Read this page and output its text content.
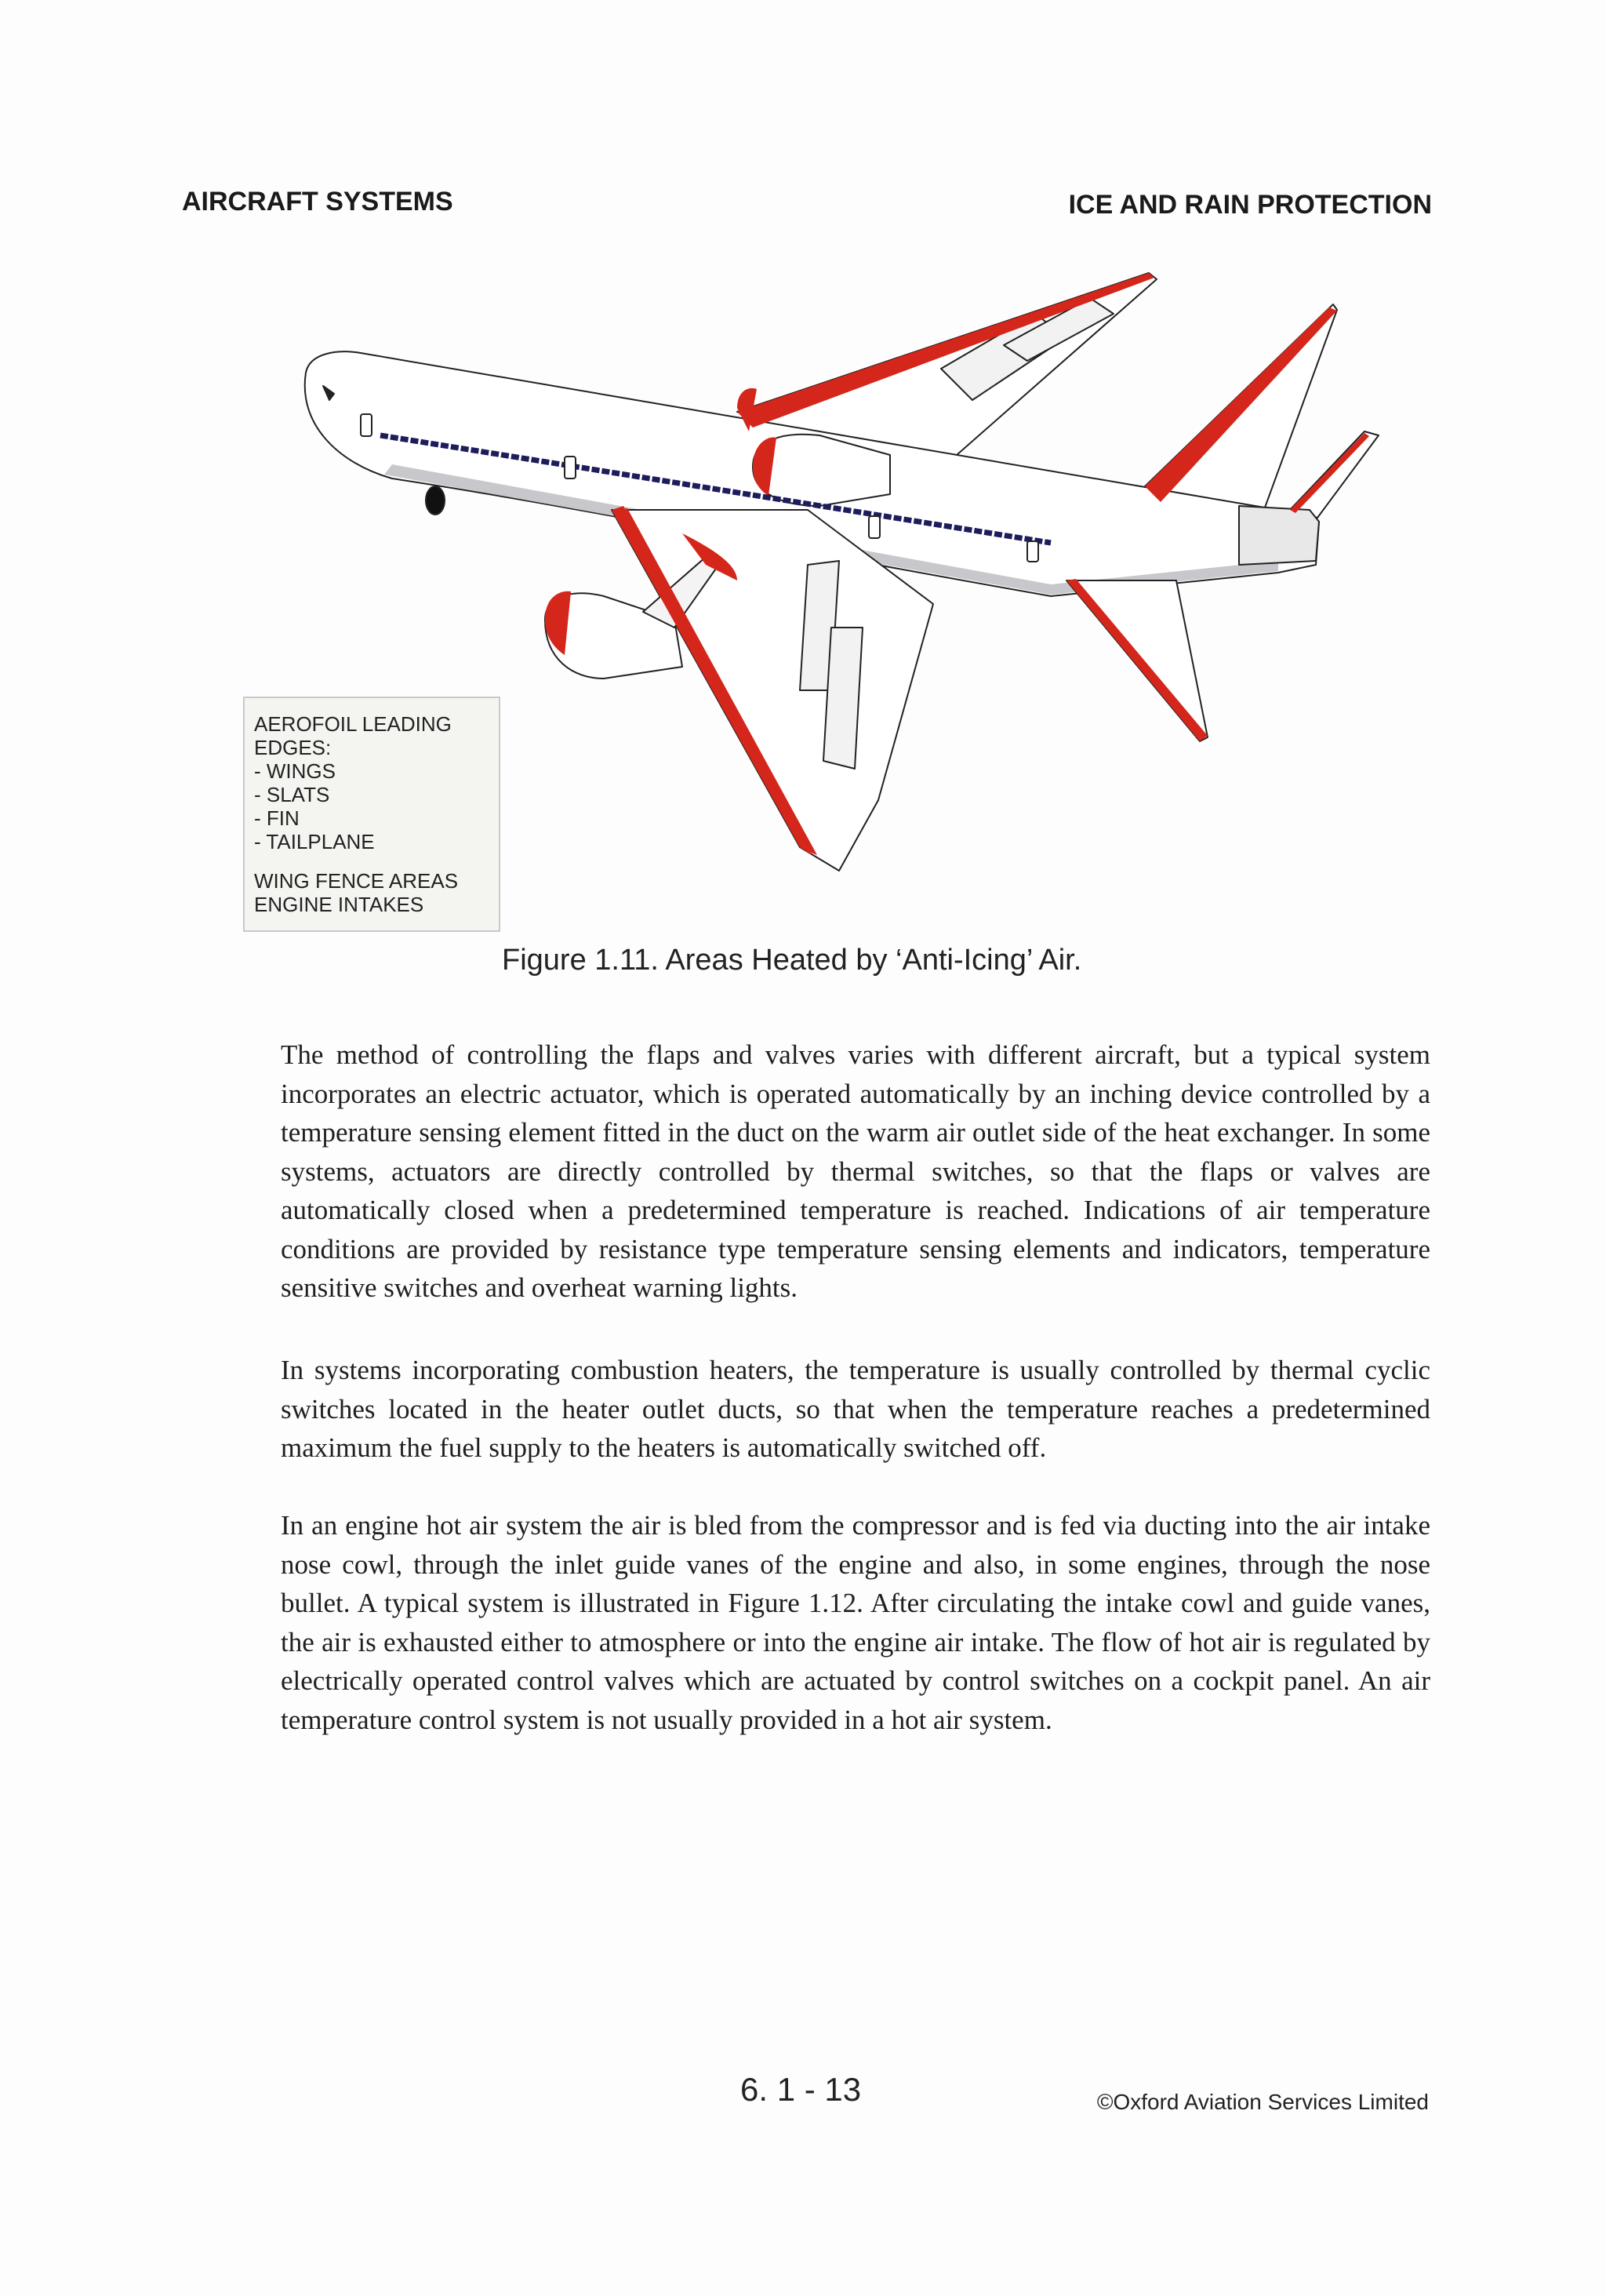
AIRCRAFT SYSTEMS	ICE AND RAIN PROTECTION
AEROFOIL LEADING
EDGES:
- WINGS
- SLATS
- FIN
- TAILPLANE
WING FENCE AREAS
ENGINE INTAKES
Figure 1.11. Areas Heated by ‘Anti-Icing’ Air.

The method of controlling the flaps and valves varies with different aircraft, but a typical system incorporates an electric actuator, which is operated automatically by an inching device controlled by a temperature sensing element fitted in the duct on the warm air outlet side of the heat exchanger. In some systems, actuators are directly controlled by thermal switches, so that the flaps or valves are automatically closed when a predetermined temperature is reached. Indications of air temperature conditions are provided by resistance type temperature sensing elements and indicators, temperature sensitive switches and overheat warning lights.

In systems incorporating combustion heaters, the temperature is usually controlled by thermal cyclic switches located in the heater outlet ducts, so that when the temperature reaches a predetermined maximum the fuel supply to the heaters is automatically switched off.

In an engine hot air system the air is bled from the compressor and is fed via ducting into the air intake nose cowl, through the inlet guide vanes of the engine and also, in some engines, through the nose bullet. A typical system is illustrated in Figure 1.12. After circulating the intake cowl and guide vanes, the air is exhausted either to atmosphere or into the engine air intake. The flow of hot air is regulated by electrically operated control valves which are actuated by control switches on a cockpit panel. An air temperature control system is not usually provided in a hot air system.

6. 1 - 13	©Oxford Aviation Services Limited
